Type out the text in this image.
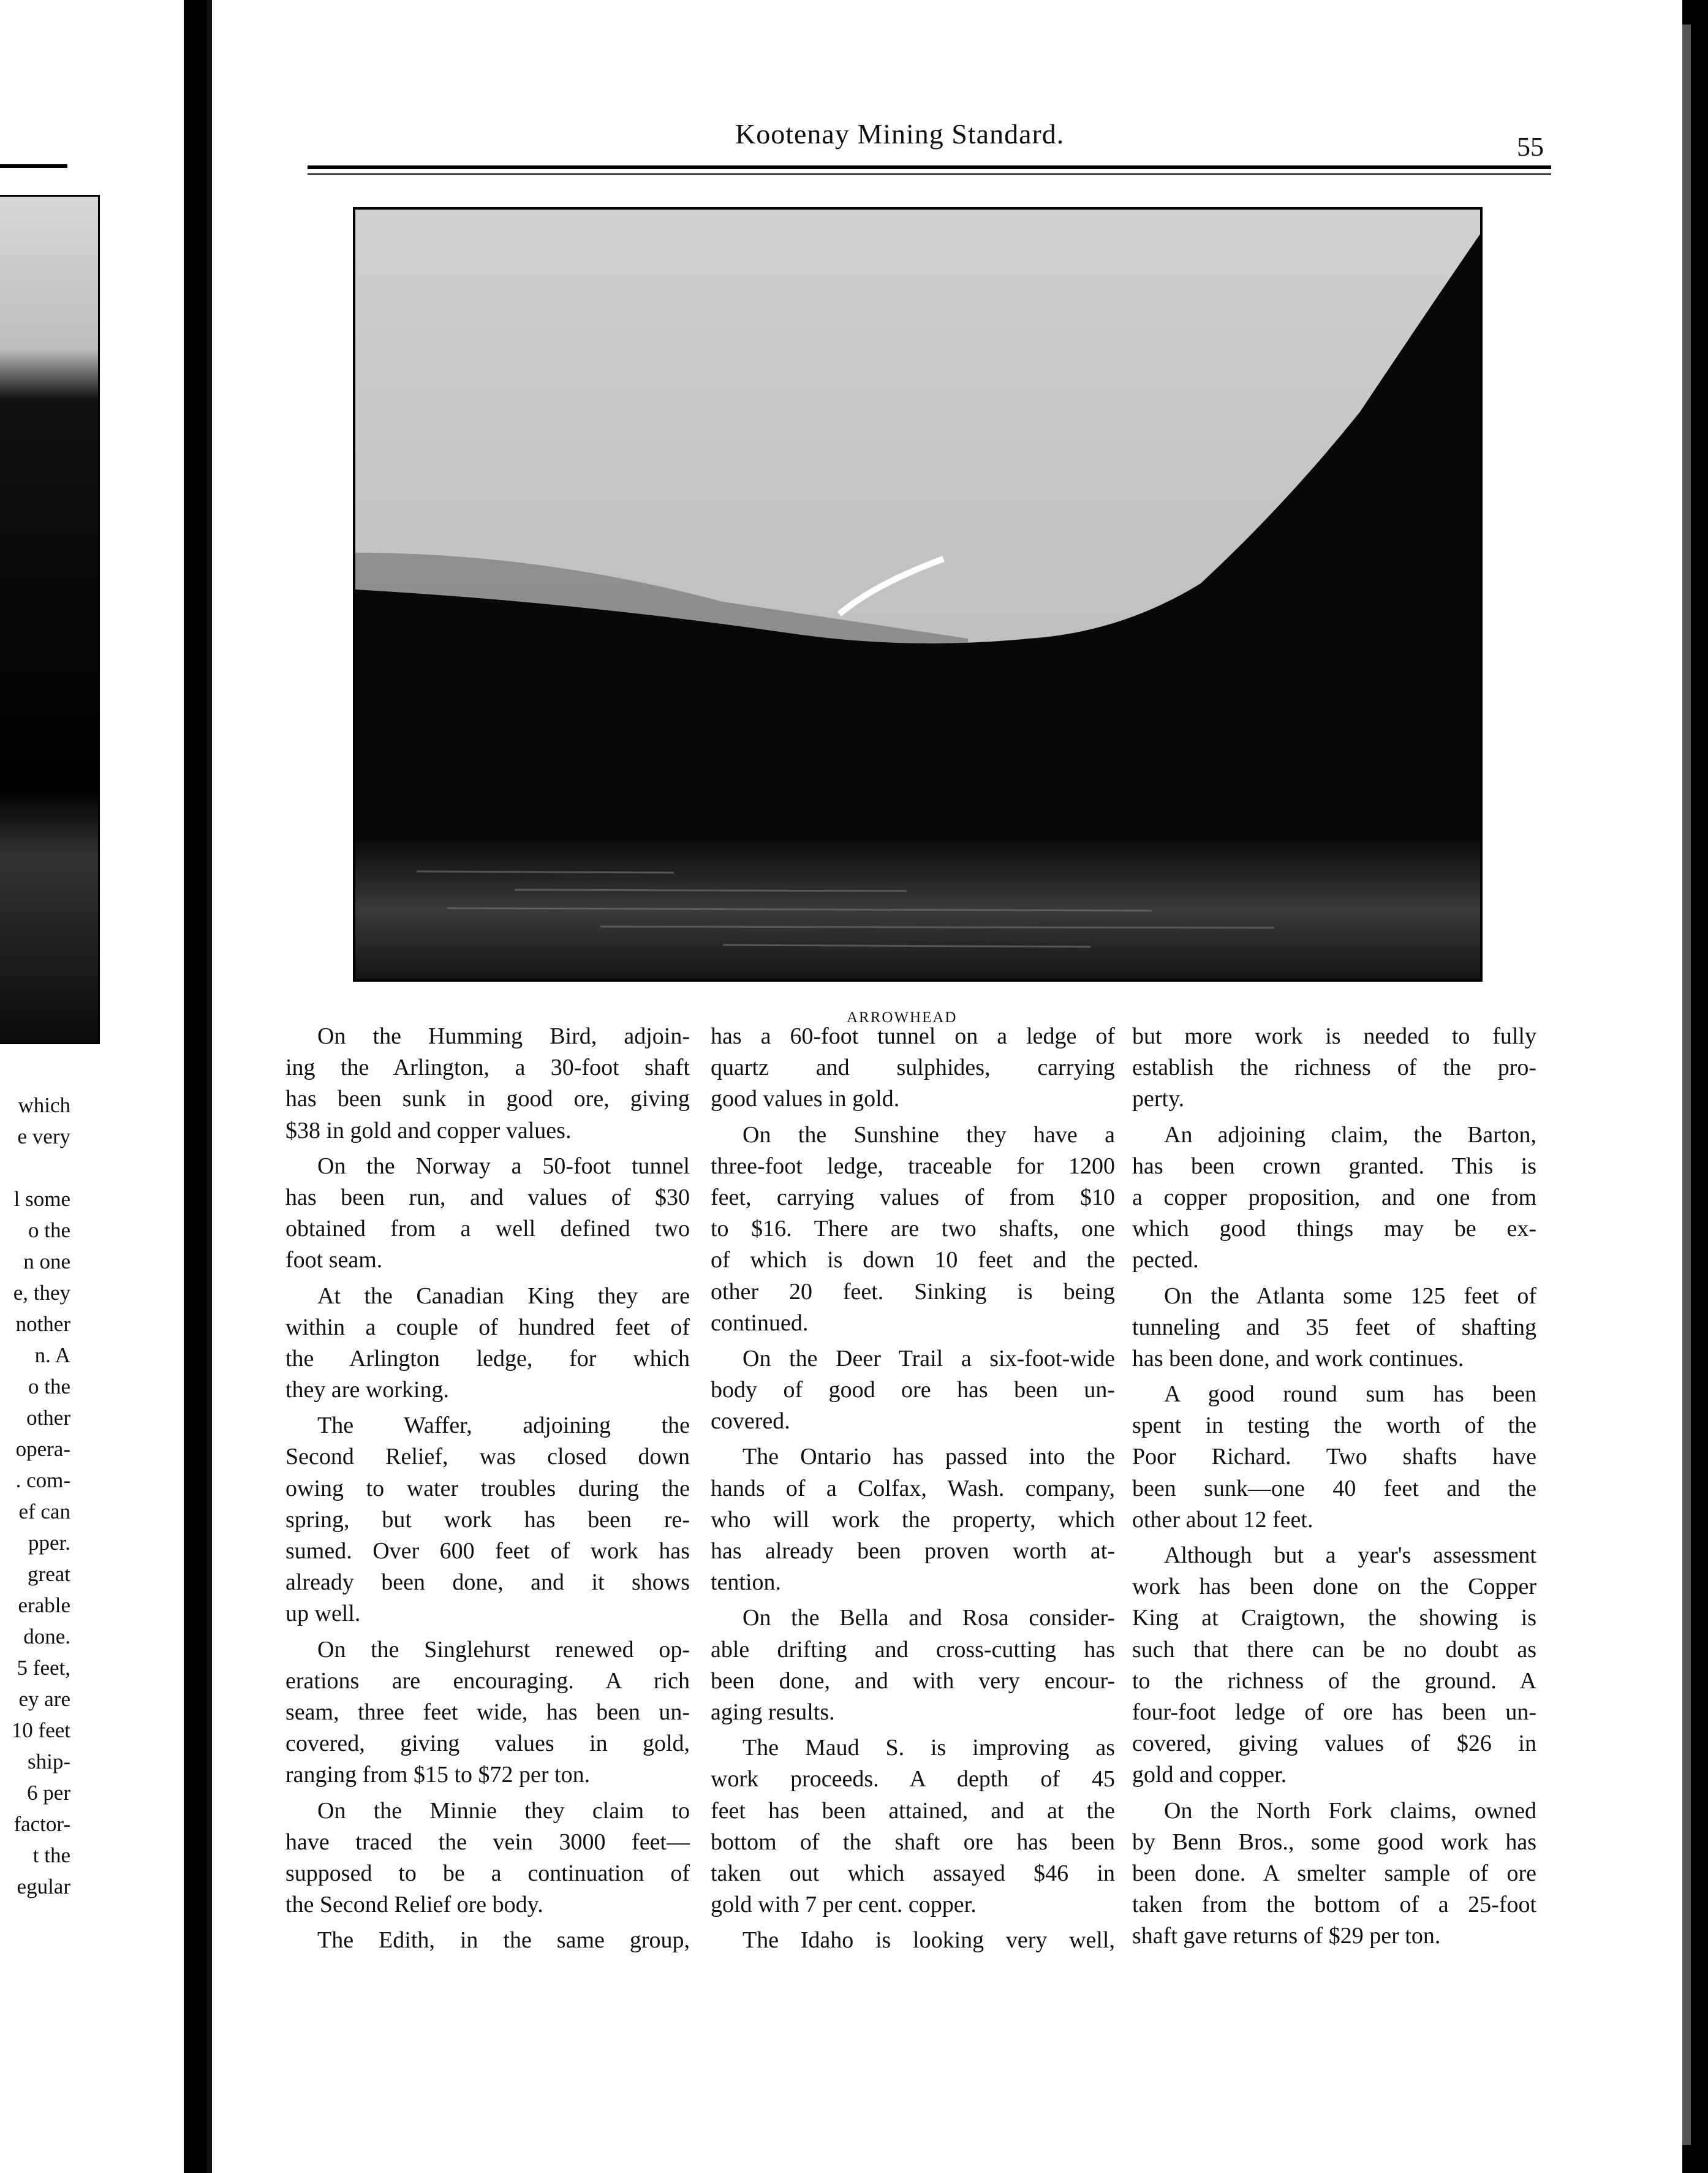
which
e very
l some
o the
n one
e, they
nother
n. A
o the
other
opera-
. com-
ef can
pper.
great
erable
done.
5 feet,
ey are
10 feet
ship-
6 per
factor-
t the
egular
Kootenay Mining Standard.	55
ARROWHEAD
On the Humming Bird, adjoin-
ing the Arlington, a 30-foot shaft
has been sunk in good ore, giving
$38 in gold and copper values.
On the Norway a 50-foot tunnel
has been run, and values of $30
obtained from a well defined two
foot seam.
At the Canadian King they are
within a couple of hundred feet of
the Arlington ledge, for which
they are working.
The Waffer, adjoining the
Second Relief, was closed down
owing to water troubles during the
spring, but work has been re-
sumed. Over 600 feet of work has
already been done, and it shows
up well.
On the Singlehurst renewed op-
erations are encouraging. A rich
seam, three feet wide, has been un-
covered, giving values in gold,
ranging from $15 to $72 per ton.
On the Minnie they claim to
have traced the vein 3000 feet—
supposed to be a continuation of
the Second Relief ore body.
The Edith, in the same group,
has a 60-foot tunnel on a ledge of
quartz and sulphides, carrying
good values in gold.
On the Sunshine they have a
three-foot ledge, traceable for 1200
feet, carrying values of from $10
to $16. There are two shafts, one
of which is down 10 feet and the
other 20 feet. Sinking is being
continued.
On the Deer Trail a six-foot-wide
body of good ore has been un-
covered.
The Ontario has passed into the
hands of a Colfax, Wash. company,
who will work the property, which
has already been proven worth at-
tention.
On the Bella and Rosa consider-
able drifting and cross-cutting has
been done, and with very encour-
aging results.
The Maud S. is improving as
work proceeds. A depth of 45
feet has been attained, and at the
bottom of the shaft ore has been
taken out which assayed $46 in
gold with 7 per cent. copper.
The Idaho is looking very well,
but more work is needed to fully
establish the richness of the pro-
perty.
An adjoining claim, the Barton,
has been crown granted. This is
a copper proposition, and one from
which good things may be ex-
pected.
On the Atlanta some 125 feet of
tunneling and 35 feet of shafting
has been done, and work continues.
A good round sum has been
spent in testing the worth of the
Poor Richard. Two shafts have
been sunk—one 40 feet and the
other about 12 feet.
Although but a year's assessment
work has been done on the Copper
King at Craigtown, the showing is
such that there can be no doubt as
to the richness of the ground. A
four-foot ledge of ore has been un-
covered, giving values of $26 in
gold and copper.
On the North Fork claims, owned
by Benn Bros., some good work has
been done. A smelter sample of ore
taken from the bottom of a 25-foot
shaft gave returns of $29 per ton.
